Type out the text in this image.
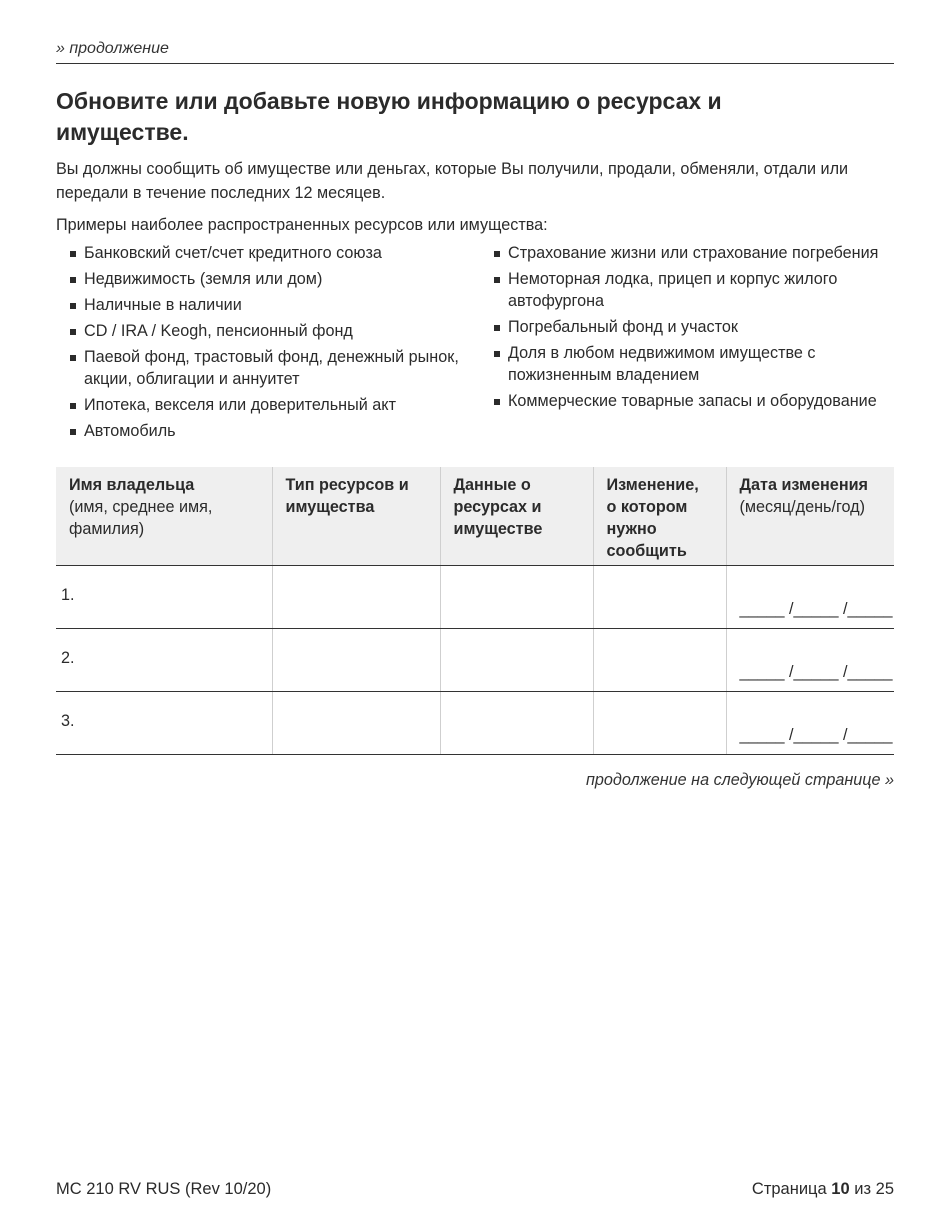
» продолжение
Обновите или добавьте новую информацию о ресурсах и имуществе.

Вы должны сообщить об имуществе или деньгах, которые Вы получили, продали, обменяли, отдали или передали в течение последних 12 месяцев.

Примеры наиболее распространенных ресурсов или имущества:

Банковский счет/счет кредитного союза
Недвижимость (земля или дом)
Наличные в наличии
CD / IRA / Keogh, пенсионный фонд
Паевой фонд, трастовый фонд, денежный рынок, акции, облигации и аннуитет
Ипотека, векселя или доверительный акт
Автомобиль
Страхование жизни или страхование погребения
Немоторная лодка, прицеп и корпус жилого автофургона
Погребальный фонд и участок
Доля в любом недвижимом имуществе с пожизненным владением
Коммерческие товарные запасы и оборудование
Имя владельца
(имя, среднее имя, фамилия)	Тип ресурсов и имущества	Данные о ресурсах и имуществе	Изменение, о котором нужно сообщить	Дата изменения
(месяц/день/год)
1.				_____ /_____ /_____
2.				_____ /_____ /_____
3.				_____ /_____ /_____
продолжение на следующей странице »
MC 210 RV RUS (Rev 10/20)	Страница 10 из 25
